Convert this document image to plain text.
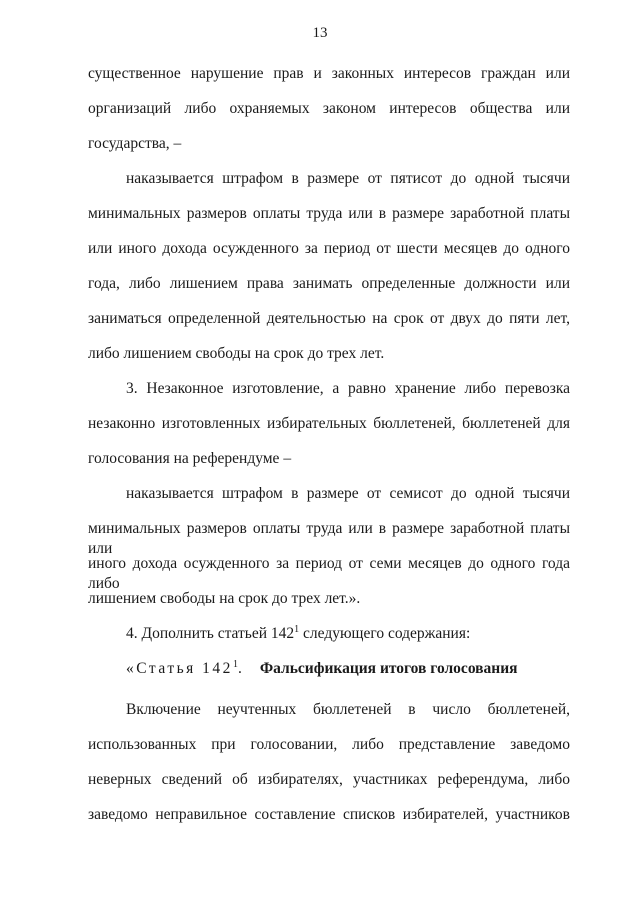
13
существенное нарушение прав и законных интересов граждан или
организаций либо охраняемых законом интересов общества или
государства, –
наказывается штрафом в размере от пятисот до одной тысячи
минимальных размеров оплаты труда или в размере заработной платы
или иного дохода осужденного за период от шести месяцев до одного
года, либо лишением права занимать определенные должности или
заниматься определенной деятельностью на срок от двух до пяти лет,
либо лишением свободы на срок до трех лет.
3. Незаконное изготовление, а равно хранение либо перевозка
незаконно изготовленных избирательных бюллетеней, бюллетеней для
голосования на референдуме –
наказывается штрафом в размере от семисот до одной тысячи
минимальных размеров оплаты труда или в размере заработной платы или
иного дохода осужденного за период от семи месяцев до одного года либо
лишением свободы на срок до трех лет.».
4. Дополнить статьей $142^1$ следующего содержания:
«Статья $142^1$. Фальсификация итогов голосования
Включение неучтенных бюллетеней в число бюллетеней,
использованных при голосовании, либо представление заведомо
неверных сведений об избирателях, участниках референдума, либо
заведомо неправильное составление списков избирателей, участников
